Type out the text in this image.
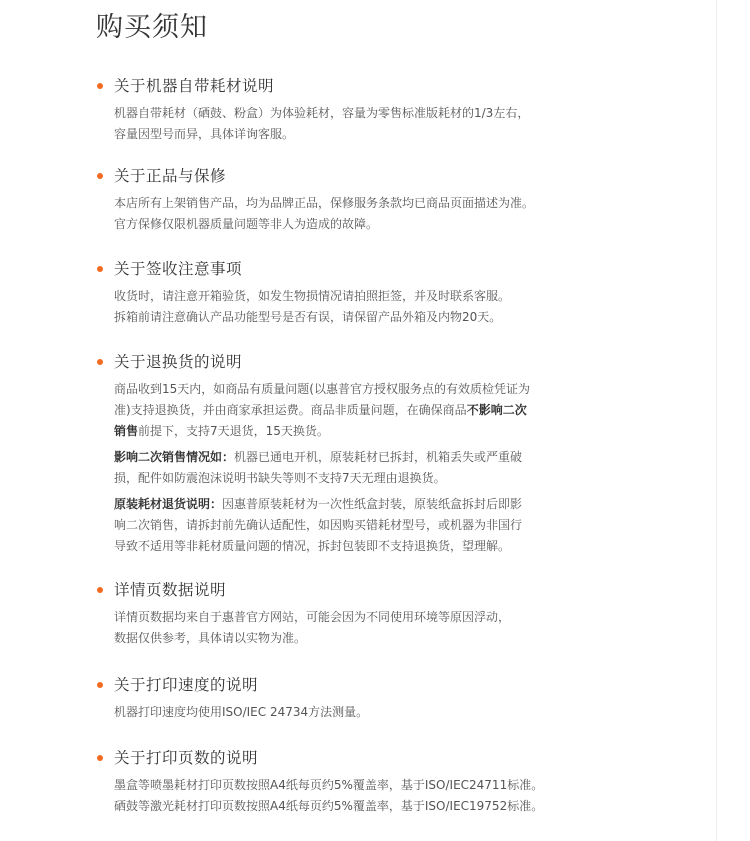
购买须知
关于机器自带耗材说明
机器自带耗材（硒鼓、粉盒）为体验耗材，容量为零售标准版耗材的1/3左右，
容量因型号而异，具体详询客服。
关于正品与保修
本店所有上架销售产品，均为品牌正品，保修服务条款均已商品页面描述为准。
官方保修仅限机器质量问题等非人为造成的故障。
关于签收注意事项
收货时，请注意开箱验货，如发生物损情况请拍照拒签，并及时联系客服。
拆箱前请注意确认产品功能型号是否有误，请保留产品外箱及内物20天。
关于退换货的说明
商品收到15天内，如商品有质量问题(以惠普官方授权服务点的有效质检凭证为
准)支持退换货，并由商家承担运费。商品非质量问题，在确保商品不影响二次
销售前提下，支持7天退货，15天换货。
影响二次销售情况如：机器已通电开机，原装耗材已拆封，机箱丢失或严重破
损，配件如防震泡沫说明书缺失等则不支持7天无理由退换货。
原装耗材退货说明：因惠普原装耗材为一次性纸盒封装，原装纸盒拆封后即影
响二次销售，请拆封前先确认适配性，如因购买错耗材型号，或机器为非国行
导致不适用等非耗材质量问题的情况，拆封包装即不支持退换货，望理解。
详情页数据说明
详情页数据均来自于惠普官方网站，可能会因为不同使用环境等原因浮动，
数据仅供参考，具体请以实物为准。
关于打印速度的说明
机器打印速度均使用ISO/IEC 24734方法测量。
关于打印页数的说明
墨盒等喷墨耗材打印页数按照A4纸每页约5%覆盖率，基于ISO/IEC24711标准。
硒鼓等激光耗材打印页数按照A4纸每页约5%覆盖率，基于ISO/IEC19752标准。
